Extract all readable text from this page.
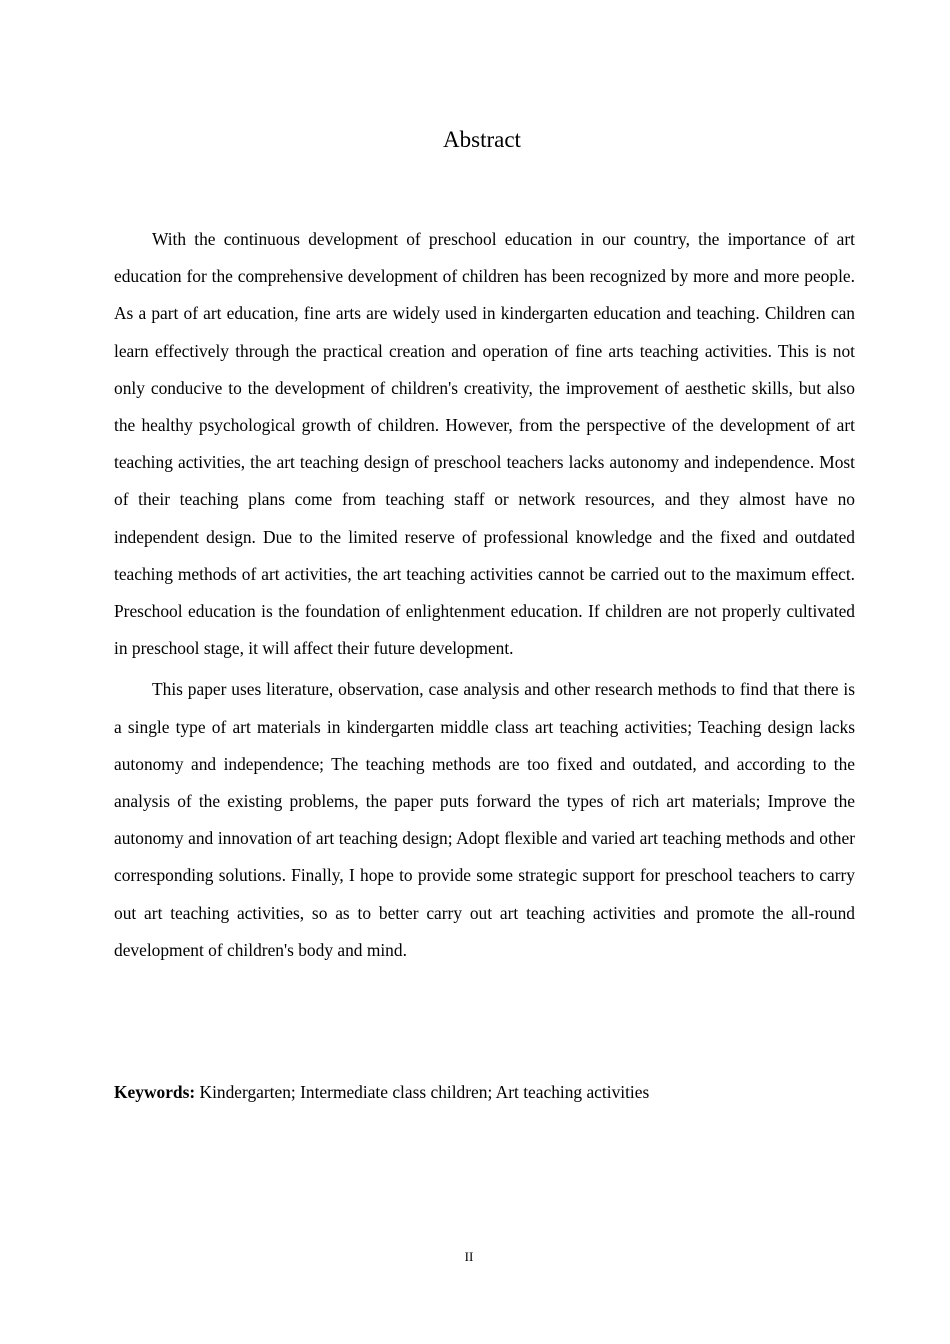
Abstract

With the continuous development of preschool education in our country, the importance of art education for the comprehensive development of children has been recognized by more and more people. As a part of art education, fine arts are widely used in kindergarten education and teaching. Children can learn effectively through the practical creation and operation of fine arts teaching activities. This is not only conducive to the development of children's creativity, the improvement of aesthetic skills, but also the healthy psychological growth of children. However, from the perspective of the development of art teaching activities, the art teaching design of preschool teachers lacks autonomy and independence. Most of their teaching plans come from teaching staff or network resources, and they almost have no independent design. Due to the limited reserve of professional knowledge and the fixed and outdated teaching methods of art activities, the art teaching activities cannot be carried out to the maximum effect. Preschool education is the foundation of enlightenment education. If children are not properly cultivated in preschool stage, it will affect their future development.

This paper uses literature, observation, case analysis and other research methods to find that there is a single type of art materials in kindergarten middle class art teaching activities; Teaching design lacks autonomy and independence; The teaching methods are too fixed and outdated, and according to the analysis of the existing problems, the paper puts forward the types of rich art materials; Improve the autonomy and innovation of art teaching design; Adopt flexible and varied art teaching methods and other corresponding solutions. Finally, I hope to provide some strategic support for preschool teachers to carry out art teaching activities, so as to better carry out art teaching activities and promote the all-round development of children's body and mind.

Keywords: Kindergarten; Intermediate class children; Art teaching activities

II
